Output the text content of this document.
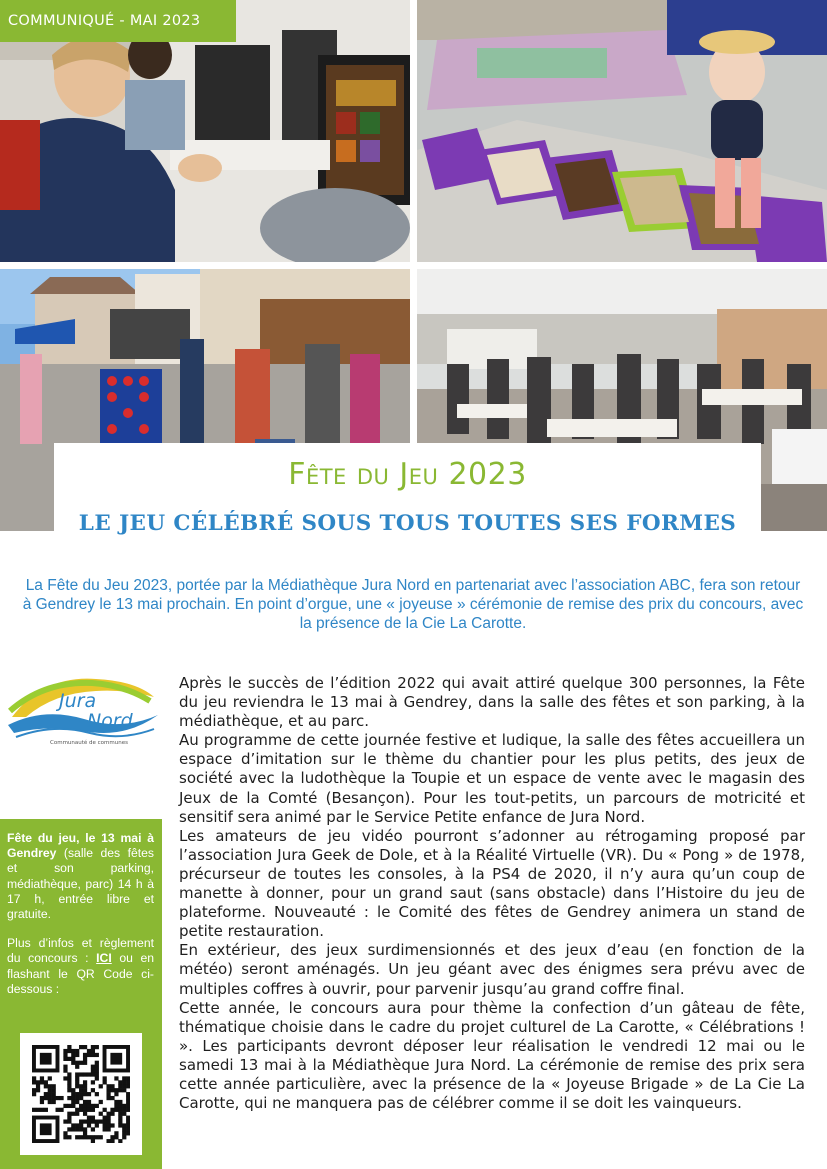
COMMUNIQUÉ - MAI 2023
Fête du Jeu 2023
LE JEU CÉLÉBRÉ SOUS TOUS TOUTES SES FORMES
La Fête du Jeu 2023, portée par la Médiathèque Jura Nord en partenariat avec l’association ABC, fera son retour à Gendrey le 13 mai prochain. En point d’orgue, une « joyeuse » cérémonie de remise des prix du concours, avec la présence de la Cie La Carotte.
Jura
Nord
Communauté de communes

Fête du jeu, le 13 mai à Gendrey (salle des fêtes et son parking, médiathèque, parc) 14 h à 17 h, entrée libre et gratuite.

Plus d’infos et règlement du concours : ICI ou en flashant le QR Code ci-dessous :

Après le succès de l’édition 2022 qui avait attiré quelque 300 personnes, la Fête du jeu reviendra le 13 mai à Gendrey, dans la salle des fêtes et son parking, à la médiathèque, et au parc.

Au programme de cette journée festive et ludique, la salle des fêtes accueillera un espace d’imitation sur le thème du chantier pour les plus petits, des jeux de société avec la ludothèque la Toupie et un espace de vente avec le magasin des Jeux de la Comté (Besançon). Pour les tout-petits, un parcours de motricité et sensitif sera animé par le Service Petite enfance de Jura Nord.

Les amateurs de jeu vidéo pourront s’adonner au rétrogaming proposé par l’association Jura Geek de Dole, et à la Réalité Virtuelle (VR). Du « Pong » de 1978, précurseur de toutes les consoles, à la PS4 de 2020, il n’y aura qu’un coup de manette à donner, pour un grand saut (sans obstacle) dans l’Histoire du jeu de plateforme. Nouveauté : le Comité des fêtes de Gendrey animera un stand de petite restauration.

En extérieur, des jeux surdimensionnés et des jeux d’eau (en fonction de la météo) seront aménagés. Un jeu géant avec des énigmes sera prévu avec de multiples coffres à ouvrir, pour parvenir jusqu’au grand coffre final.

Cette année, le concours aura pour thème la confection d’un gâteau de fête, thématique choisie dans le cadre du projet culturel de La Carotte, « Célébrations ! ». Les participants devront déposer leur réalisation le vendredi 12 mai ou le samedi 13 mai à la Médiathèque Jura Nord. La cérémonie de remise des prix sera cette année particulière, avec la présence de la « Joyeuse Brigade » de La Cie La Carotte, qui ne manquera pas de célébrer comme il se doit les vainqueurs.
